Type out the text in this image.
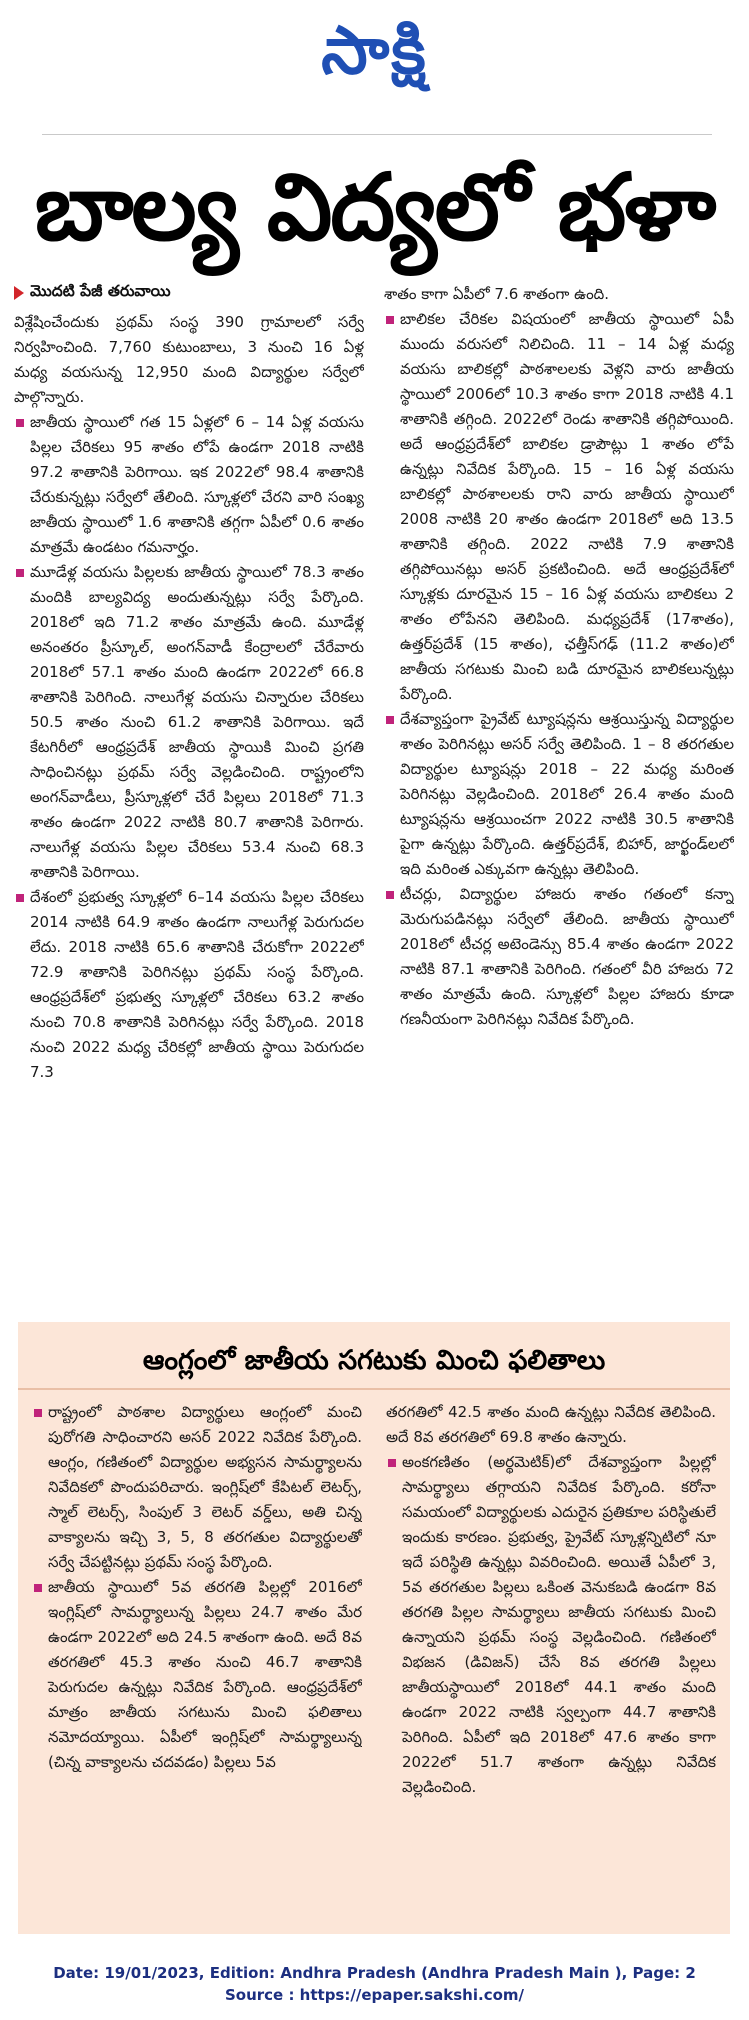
సాక్షి
బాల్య విద్యలో భళా
మొదటి పేజీ తరువాయి

విశ్లేషించేందుకు ప్రథమ్ సంస్థ 390 గ్రామాలలో సర్వే నిర్వహించింది. 7,760 కుటుంబాలు, 3 నుంచి 16 ఏళ్ల మధ్య వయసున్న 12,950 మంది విద్యార్థుల సర్వేలో పాల్గొన్నారు.

జాతీయ స్థాయిలో గత 15 ఏళ్లలో 6 – 14 ఏళ్ల వయసు పిల్లల చేరికలు 95 శాతం లోపే ఉండగా 2018 నాటికి 97.2 శాతానికి పెరిగాయి. ఇక 2022లో 98.4 శాతానికి చేరుకున్నట్లు సర్వేలో తేలింది. స్కూళ్లలో చేరని వారి సంఖ్య జాతీయ స్థాయిలో 1.6 శాతానికి తగ్గగా ఏపీలో 0.6 శాతం మాత్రమే ఉండటం గమనార్హం.
మూడేళ్ల వయసు పిల్లలకు జాతీయ స్థాయిలో 78.3 శాతం మందికి బాల్యవిద్య అందుతున్నట్లు సర్వే పేర్కొంది. 2018లో ఇది 71.2 శాతం మాత్రమే ఉంది. మూడేళ్ల అనంతరం ప్రీస్కూల్, అంగన్‌వాడీ కేంద్రాలలో చేరేవారు 2018లో 57.1 శాతం మంది ఉండగా 2022లో 66.8 శాతానికి పెరిగింది. నాలుగేళ్ల వయసు చిన్నారుల చేరికలు 50.5 శాతం నుంచి 61.2 శాతానికి పెరిగాయి. ఇదే కేటగిరీలో ఆంధ్రప్రదేశ్ జాతీయ స్థాయికి మించి ప్రగతి సాధించినట్లు ప్రథమ్ సర్వే వెల్లడించింది. రాష్ట్రంలోని అంగన్‌వాడీలు, ప్రీస్కూళ్లలో చేరే పిల్లలు 2018లో 71.3 శాతం ఉండగా 2022 నాటికి 80.7 శాతానికి పెరిగారు. నాలుగేళ్ల వయసు పిల్లల చేరికలు 53.4 నుంచి 68.3 శాతానికి పెరిగాయి.
దేశంలో ప్రభుత్వ స్కూళ్లలో 6–14 వయసు పిల్లల చేరికలు 2014 నాటికి 64.9 శాతం ఉండగా నాలుగేళ్ల పెరుగుదల లేదు. 2018 నాటికి 65.6 శాతానికి చేరుకోగా 2022లో 72.9 శాతానికి పెరిగినట్లు ప్రథమ్ సంస్థ పేర్కొంది. ఆంధ్రప్రదేశ్‌లో ప్రభుత్వ స్కూళ్లలో చేరికలు 63.2 శాతం నుంచి 70.8 శాతానికి పెరిగినట్లు సర్వే పేర్కొంది. 2018 నుంచి 2022 మధ్య చేరికల్లో జాతీయ స్థాయి పెరుగుదల 7.3

శాతం కాగా ఏపీలో 7.6 శాతంగా ఉంది.

బాలికల చేరికల విషయంలో జాతీయ స్థాయిలో ఏపీ ముందు వరుసలో నిలిచింది. 11 – 14 ఏళ్ల మధ్య వయసు బాలికల్లో పాఠశాలలకు వెళ్లని వారు జాతీయ స్థాయిలో 2006లో 10.3 శాతం కాగా 2018 నాటికి 4.1 శాతానికి తగ్గింది. 2022లో రెండు శాతానికి తగ్గిపోయింది. అదే ఆంధ్రప్రదేశ్‌లో బాలికల డ్రాపౌట్లు 1 శాతం లోపే ఉన్నట్లు నివేదిక పేర్కొంది. 15 – 16 ఏళ్ల వయసు బాలికల్లో పాఠశాలలకు రాని వారు జాతీయ స్థాయిలో 2008 నాటికి 20 శాతం ఉండగా 2018లో అది 13.5 శాతానికి తగ్గింది. 2022 నాటికి 7.9 శాతానికి తగ్గిపోయినట్లు అసర్ ప్రకటించింది. అదే ఆంధ్రప్రదేశ్‌లో స్కూళ్లకు దూరమైన 15 – 16 ఏళ్ల వయసు బాలికలు 2 శాతం లోపేనని తెలిపింది. మధ్యప్రదేశ్ (17శాతం), ఉత్తర్‌ప్రదేశ్ (15 శాతం), ఛత్తీస్‌గఢ్ (11.2 శాతం)లో జాతీయ సగటుకు మించి బడి దూరమైన బాలికలున్నట్లు పేర్కొంది.
దేశవ్యాప్తంగా ప్రైవేట్ ట్యూషన్లను ఆశ్రయిస్తున్న విద్యార్థుల శాతం పెరిగినట్లు అసర్ సర్వే తెలిపింది. 1 – 8 తరగతుల విద్యార్థుల ట్యూషన్లు 2018 – 22 మధ్య మరింత పెరిగినట్లు వెల్లడించింది. 2018లో 26.4 శాతం మంది ట్యూషన్లను ఆశ్రయించగా 2022 నాటికి 30.5 శాతానికి పైగా ఉన్నట్లు పేర్కొంది. ఉత్తర్‌ప్రదేశ్, బిహార్, జార్ఖండ్‌లలో ఇది మరింత ఎక్కువగా ఉన్నట్లు తెలిపింది.
టీచర్లు, విద్యార్థుల హాజరు శాతం గతంలో కన్నా మెరుగుపడినట్లు సర్వేలో తేలింది. జాతీయ స్థాయిలో 2018లో టీచర్ల అటెండెన్సు 85.4 శాతం ఉండగా 2022 నాటికి 87.1 శాతానికి పెరిగింది. గతంలో వీరి హాజరు 72 శాతం మాత్రమే ఉంది. స్కూళ్లలో పిల్లల హాజరు కూడా గణనీయంగా పెరిగినట్లు నివేదిక పేర్కొంది.
ఆంగ్లంలో జాతీయ సగటుకు మించి ఫలితాలు
రాష్ట్రంలో పాఠశాల విద్యార్థులు ఆంగ్లంలో మంచి పురోగతి సాధించారని అసర్ 2022 నివేదిక పేర్కొంది. ఆంగ్లం, గణితంలో విద్యార్థుల అభ్యసన సామర్థ్యాలను నివేదికలో పొందుపరిచారు. ఇంగ్లిష్‌లో కేపిటల్ లెటర్స్, స్మాల్ లెటర్స్, సింపుల్ 3 లెటర్ వర్డ్‌లు, అతి చిన్న వాక్యాలను ఇచ్చి 3, 5, 8 తరగతుల విద్యార్థులతో సర్వే చేపట్టినట్లు ప్రథమ్ సంస్థ పేర్కొంది.
జాతీయ స్థాయిలో 5వ తరగతి పిల్లల్లో 2016లో ఇంగ్లిష్‌లో సామర్థ్యాలున్న పిల్లలు 24.7 శాతం మేర ఉండగా 2022లో అది 24.5 శాతంగా ఉంది. అదే 8వ తరగతిలో 45.3 శాతం నుంచి 46.7 శాతానికి పెరుగుదల ఉన్నట్లు నివేదిక పేర్కొంది. ఆంధ్రప్రదేశ్‌లో మాత్రం జాతీయ సగటును మించి ఫలితాలు నమోదయ్యాయి. ఏపీలో ఇంగ్లిష్‌లో సామర్థ్యాలున్న (చిన్న వాక్యాలను చదవడం) పిల్లలు 5వ

తరగతిలో 42.5 శాతం మంది ఉన్నట్లు నివేదిక తెలిపింది. అదే 8వ తరగతిలో 69.8 శాతం ఉన్నారు.

అంకగణితం (అర్థమెటిక్)లో దేశవ్యాప్తంగా పిల్లల్లో సామర్థ్యాలు తగ్గాయని నివేదిక పేర్కొంది. కరోనా సమయంలో విద్యార్థులకు ఎదురైన ప్రతికూల పరిస్థితులే ఇందుకు కారణం. ప్రభుత్వ, ప్రైవేట్ స్కూళ్లన్నిటిలో నూ ఇదే పరిస్థితి ఉన్నట్లు వివరించింది. అయితే ఏపీలో 3, 5వ తరగతుల పిల్లలు ఒకింత వెనుకబడి ఉండగా 8వ తరగతి పిల్లల సామర్థ్యాలు జాతీయ సగటుకు మించి ఉన్నాయని ప్రథమ్ సంస్థ వెల్లడించింది. గణితంలో విభజన (డివిజన్) చేసే 8వ తరగతి పిల్లలు జాతీయస్థాయిలో 2018లో 44.1 శాతం మంది ఉండగా 2022 నాటికి స్వల్పంగా 44.7 శాతానికి పెరిగింది. ఏపీలో ఇది 2018లో 47.6 శాతం కాగా 2022లో 51.7 శాతంగా ఉన్నట్లు నివేదిక వెల్లడించింది.
Date: 19/01/2023, Edition: Andhra Pradesh (Andhra Pradesh Main ), Page: 2
Source : https://epaper.sakshi.com/
